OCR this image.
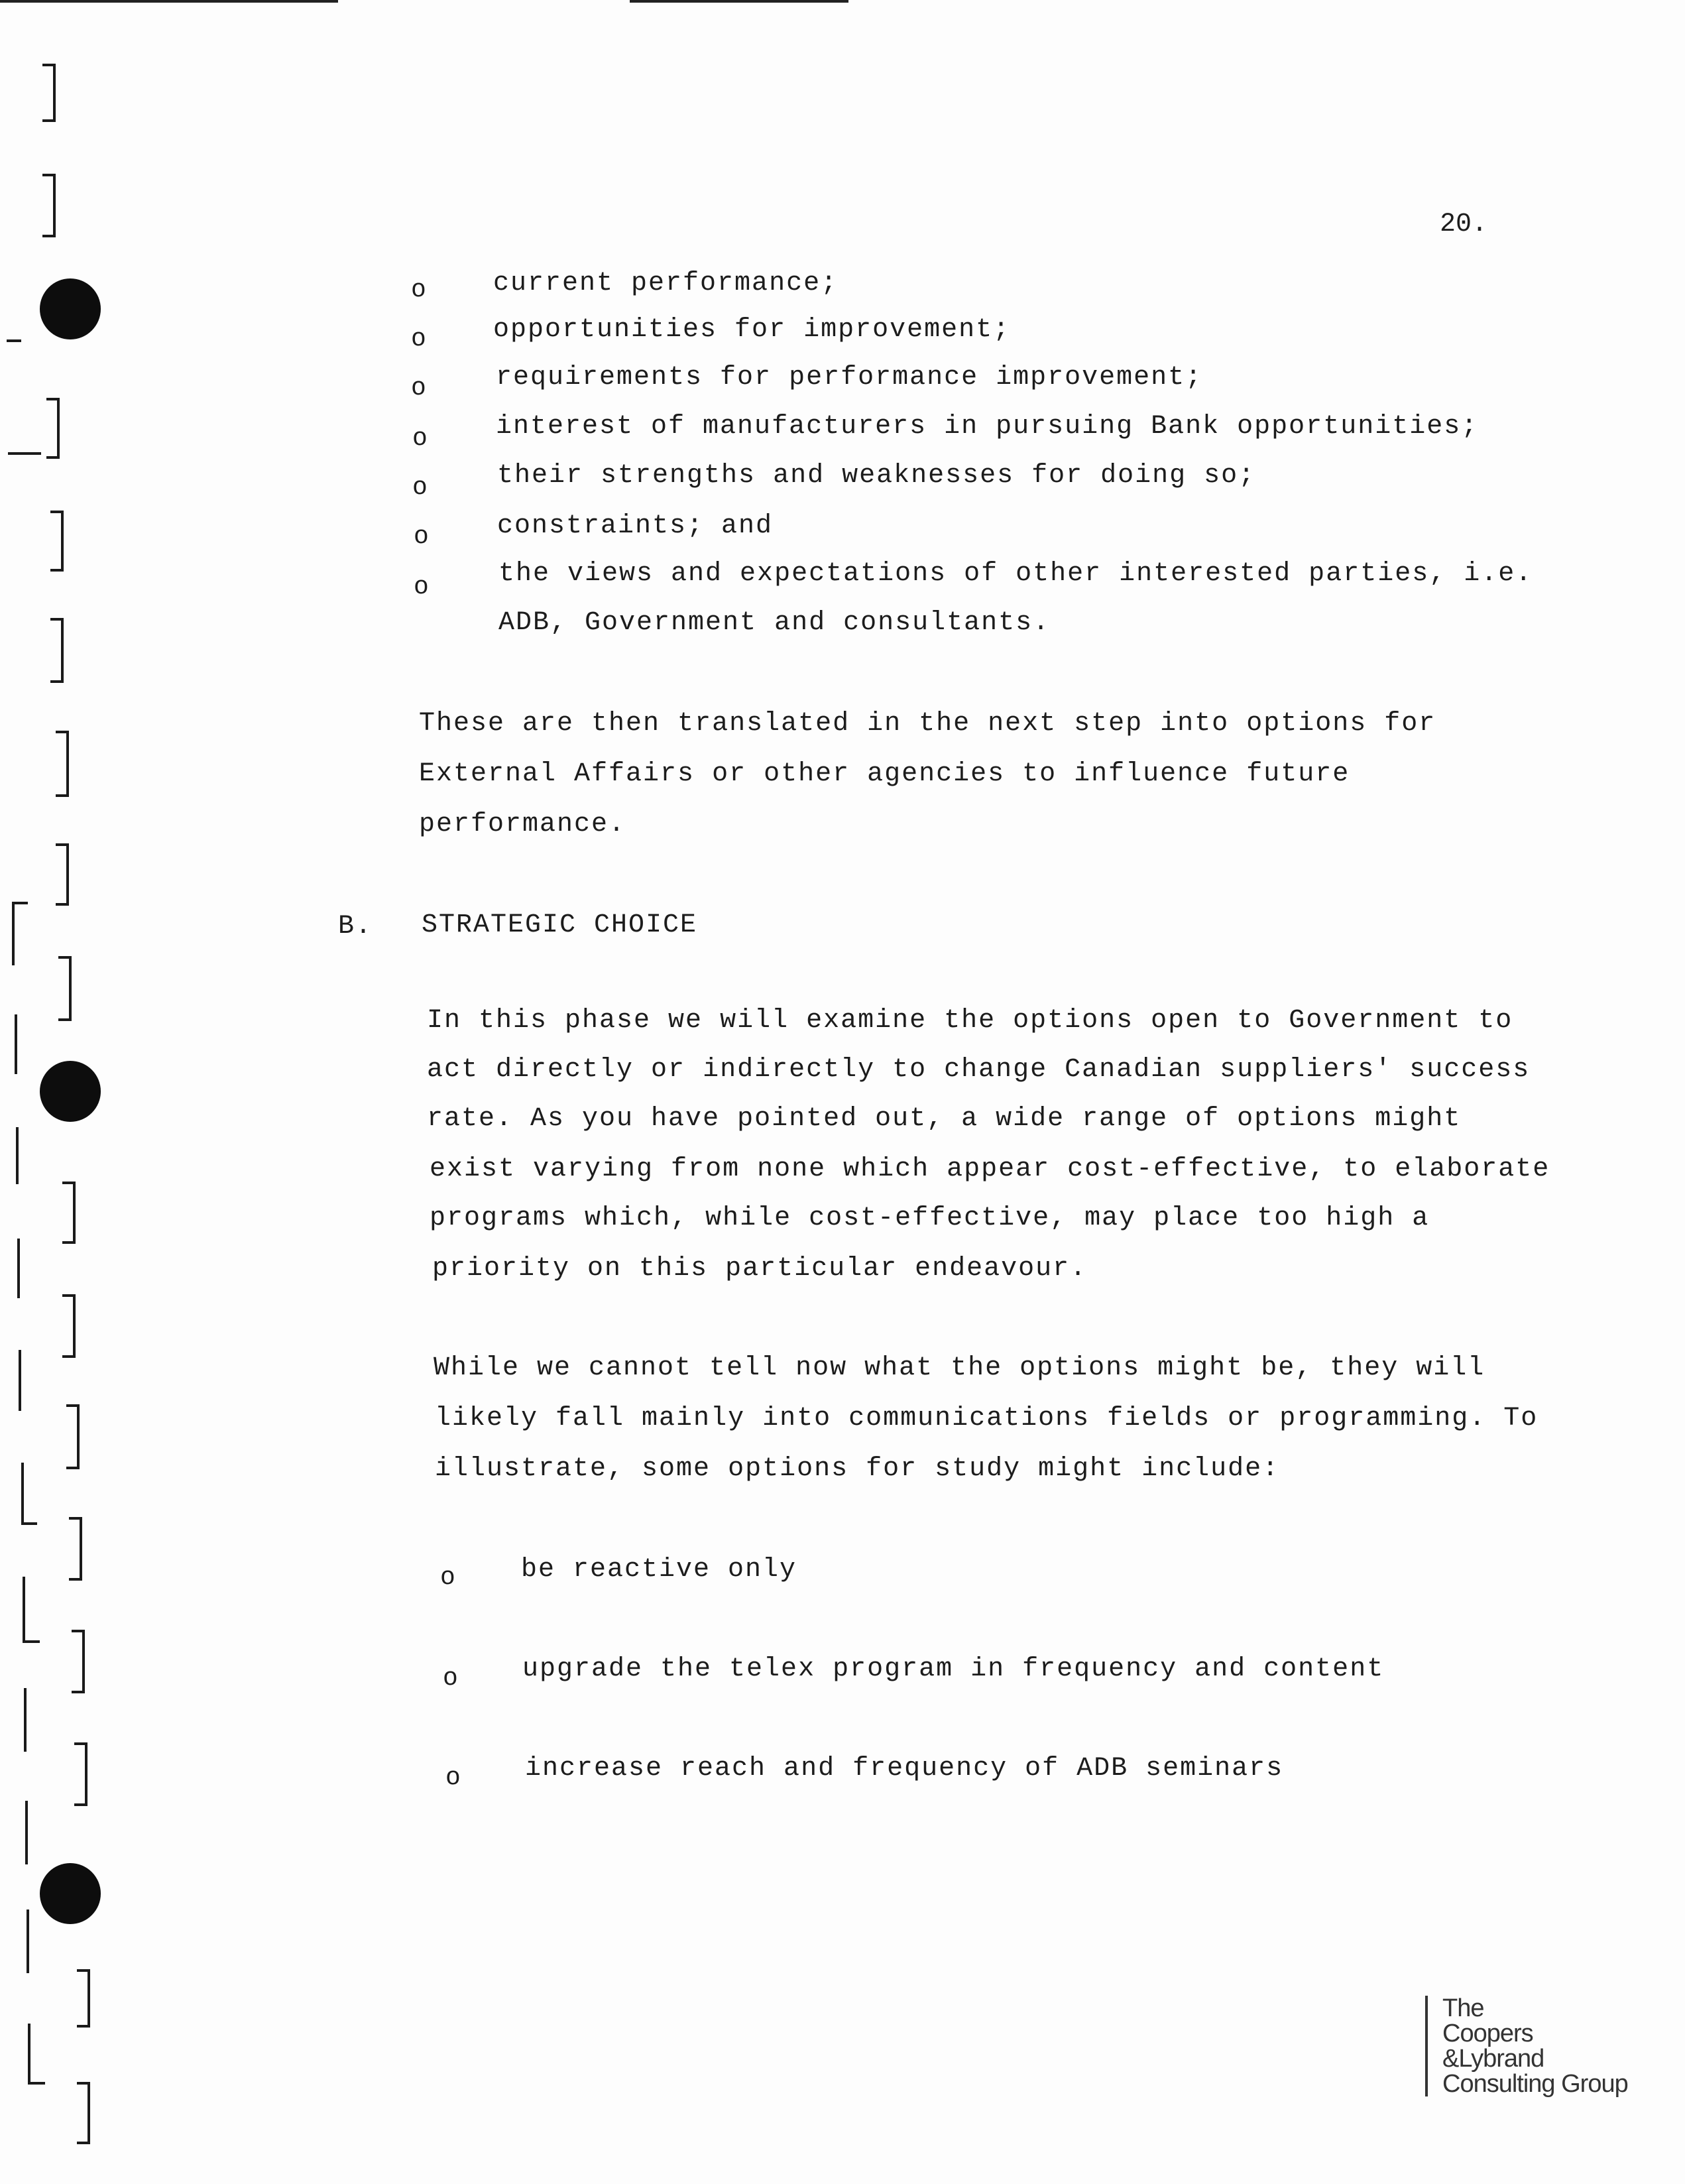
20.
o	current performance;
o	opportunities for improvement;
o	requirements for performance improvement;
o	interest of manufacturers in pursuing Bank opportunities;
o	their strengths and weaknesses for doing so;
o	constraints; and
o	the views and expectations of other interested parties, i.e.
ADB, Government and consultants.
These are then translated in the next step into options for
External Affairs or other agencies to influence future
performance.
B. STRATEGIC CHOICE
In this phase we will examine the options open to Government to
act directly or indirectly to change Canadian suppliers' success
rate. As you have pointed out, a wide range of options might
exist varying from none which appear cost-effective, to elaborate
programs which, while cost-effective, may place too high a
priority on this particular endeavour.
While we cannot tell now what the options might be, they will
likely fall mainly into communications fields or programming. To
illustrate, some options for study might include:
o be reactive only
o upgrade the telex program in frequency and content
o increase reach and frequency of ADB seminars
The
Coopers
&Lybrand
Consulting Group
